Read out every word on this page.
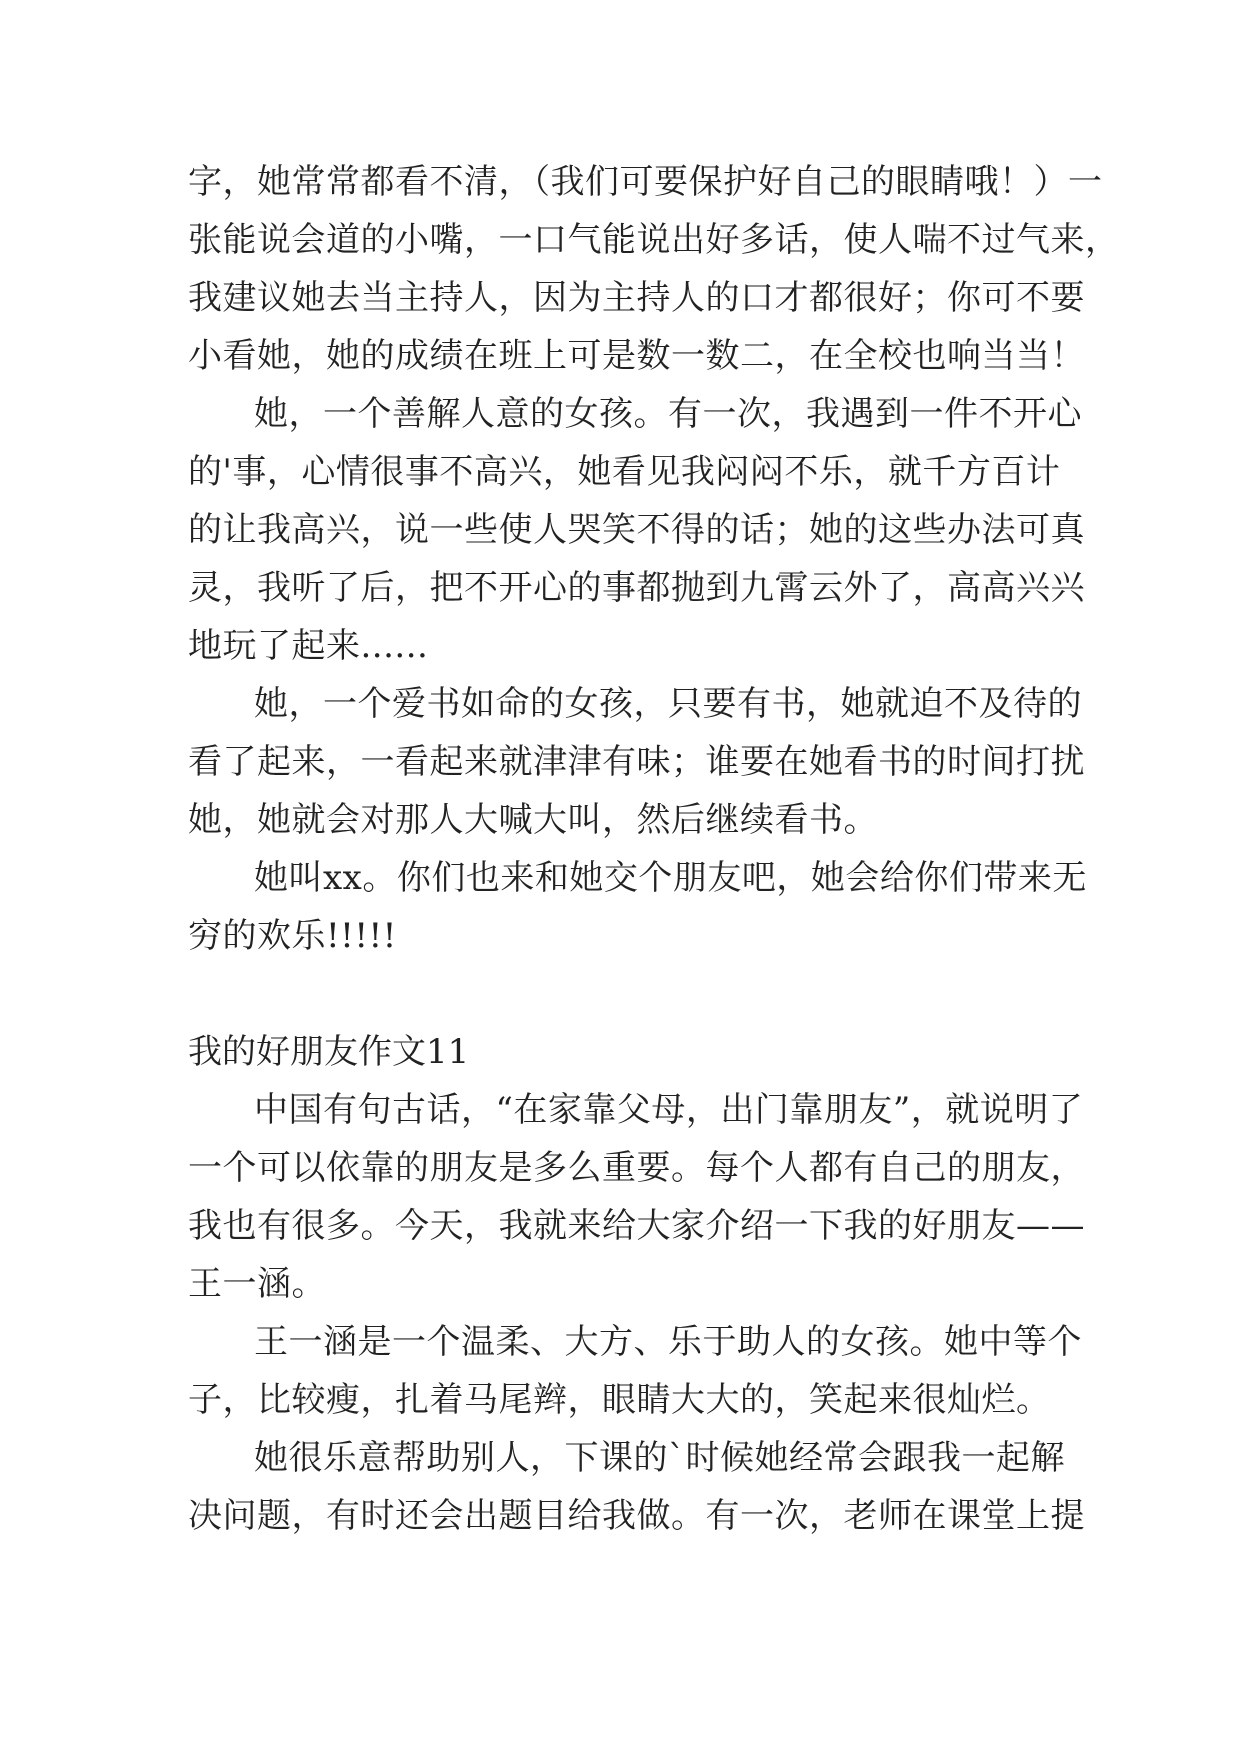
字，她常常都看不清，（我们可要保护好自己的眼睛哦！）一
张能说会道的小嘴，一口气能说出好多话，使人喘不过气来，
我建议她去当主持人，因为主持人的口才都很好；你可不要
小看她，她的成绩在班上可是数一数二，在全校也响当当！
她，一个善解人意的女孩。有一次，我遇到一件不开心
的'事，心情很事不高兴，她看见我闷闷不乐，就千方百计
的让我高兴，说一些使人哭笑不得的话；她的这些办法可真
灵，我听了后，把不开心的事都抛到九霄云外了，高高兴兴
地玩了起来......
她，一个爱书如命的女孩，只要有书，她就迫不及待的
看了起来，一看起来就津津有味；谁要在她看书的时间打扰
她，她就会对那人大喊大叫，然后继续看书。
她叫xx。你们也来和她交个朋友吧，她会给你们带来无
穷的欢乐!!!!!
我的好朋友作文11
中国有句古话，“在家靠父母，出门靠朋友”，就说明了
一个可以依靠的朋友是多么重要。每个人都有自己的朋友，
我也有很多。今天，我就来给大家介绍一下我的好朋友——
王一涵。
王一涵是一个温柔、大方、乐于助人的女孩。她中等个
子，比较瘦，扎着马尾辫，眼睛大大的，笑起来很灿烂。
她很乐意帮助别人，下课的`时候她经常会跟我一起解
决问题，有时还会出题目给我做。有一次，老师在课堂上提
